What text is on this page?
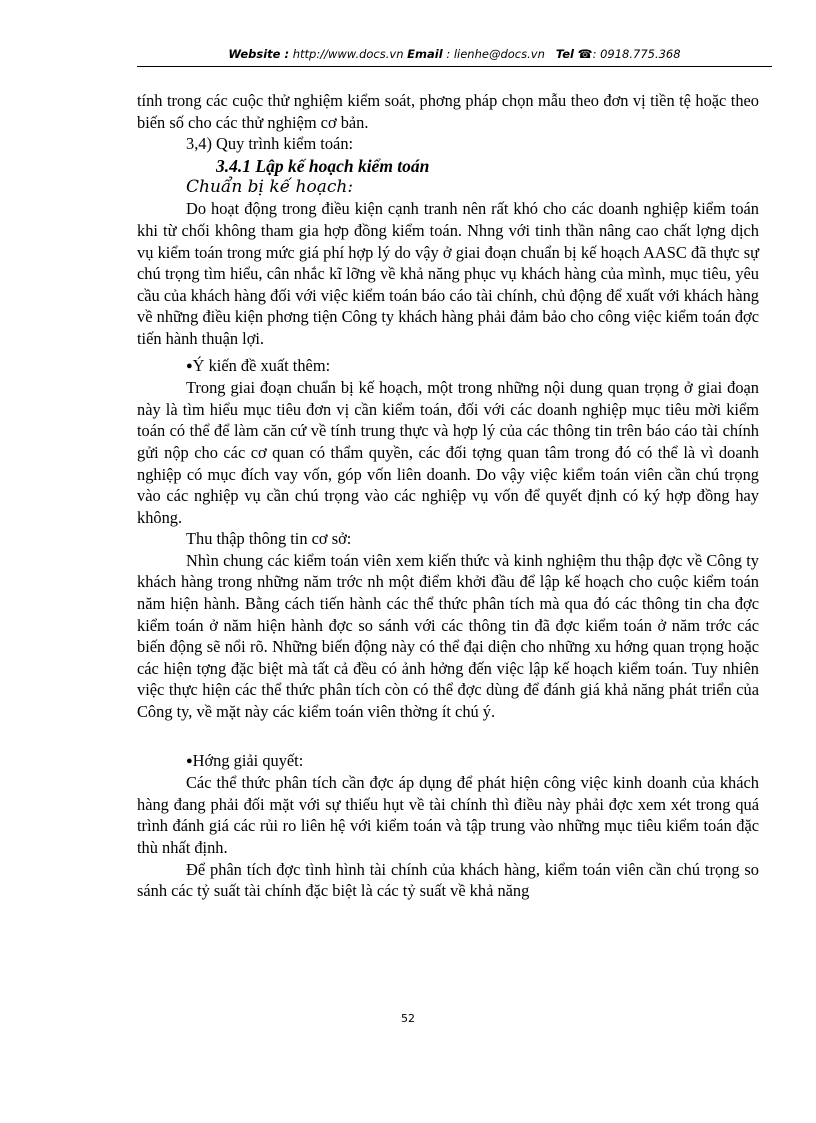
Website : http://www.docs.vn Email : lienhe@docs.vn Tel ☎: 0918.775.368

tính trong các cuộc thử nghiệm kiểm soát, phơng pháp chọn mẫu theo đơn vị tiền tệ hoặc theo biến số cho các thử nghiệm cơ bản.

3,4) Quy trình kiểm toán:

3.4.1 Lập kế hoạch kiểm toán

Chuẩn bị kế hoạch:

Do hoạt động trong điều kiện cạnh tranh nên rất khó cho các doanh nghiệp kiểm toán khi từ chối không tham gia hợp đồng kiểm toán. Nhng với tinh thần nâng cao chất lợng dịch vụ kiểm toán trong mức giá phí hợp lý do vậy ở giai đoạn chuẩn bị kế hoạch AASC đã thực sự chú trọng tìm hiểu, cân nhắc kĩ lỡng về khả năng phục vụ khách hàng của mình, mục tiêu, yêu cầu của khách hàng đối với việc kiểm toán báo cáo tài chính, chủ động để xuất với khách hàng về những điều kiện phơng tiện Công ty khách hàng phải đảm bảo cho công việc kiểm toán đợc tiến hành thuận lợi.

●Ý kiến đề xuất thêm:

Trong giai đoạn chuẩn bị kế hoạch, một trong những nội dung quan trọng ở giai đoạn này là tìm hiểu mục tiêu đơn vị cần kiểm toán, đối với các doanh nghiệp mục tiêu mời kiểm toán có thể để làm căn cứ về tính trung thực và hợp lý của các thông tin trên báo cáo tài chính gửi nộp cho các cơ quan có thẩm quyền, các đối tợng quan tâm trong đó có thể là vì doanh nghiệp có mục đích vay vốn, góp vốn liên doanh. Do vậy việc kiểm toán viên cần chú trọng vào các nghiệp vụ cần chú trọng vào các nghiệp vụ vốn để quyết định có ký hợp đồng hay không.

Thu thập thông tin cơ sở:

Nhìn chung các kiểm toán viên xem kiến thức và kinh nghiệm thu thập đợc về Công ty khách hàng trong những năm trớc nh một điểm khởi đầu để lập kế hoạch cho cuộc kiểm toán năm hiện hành. Bằng cách tiến hành các thể thức phân tích mà qua đó các thông tin cha đợc kiểm toán ở năm hiện hành đợc so sánh với các thông tin đã đợc kiểm toán ở năm trớc các biến động sẽ nổi rõ. Những biến động này có thể đại diện cho những xu hớng quan trọng hoặc các hiện tợng đặc biệt mà tất cả đều có ảnh hởng đến việc lập kế hoạch kiểm toán. Tuy nhiên việc thực hiện các thể thức phân tích còn có thể đợc dùng để đánh giá khả năng phát triển của Công ty, về mặt này các kiểm toán viên thờng ít chú ý.

●Hớng giải quyết:

Các thể thức phân tích cần đợc áp dụng để phát hiện công việc kinh doanh của khách hàng đang phải đối mặt với sự thiếu hụt về tài chính thì điều này phải đợc xem xét trong quá trình đánh giá các rủi ro liên hệ với kiểm toán và tập trung vào những mục tiêu kiểm toán đặc thù nhất định.

Để phân tích đợc tình hình tài chính của khách hàng, kiểm toán viên cần chú trọng so sánh các tỷ suất tài chính đặc biệt là các tỷ suất về khả năng

52
